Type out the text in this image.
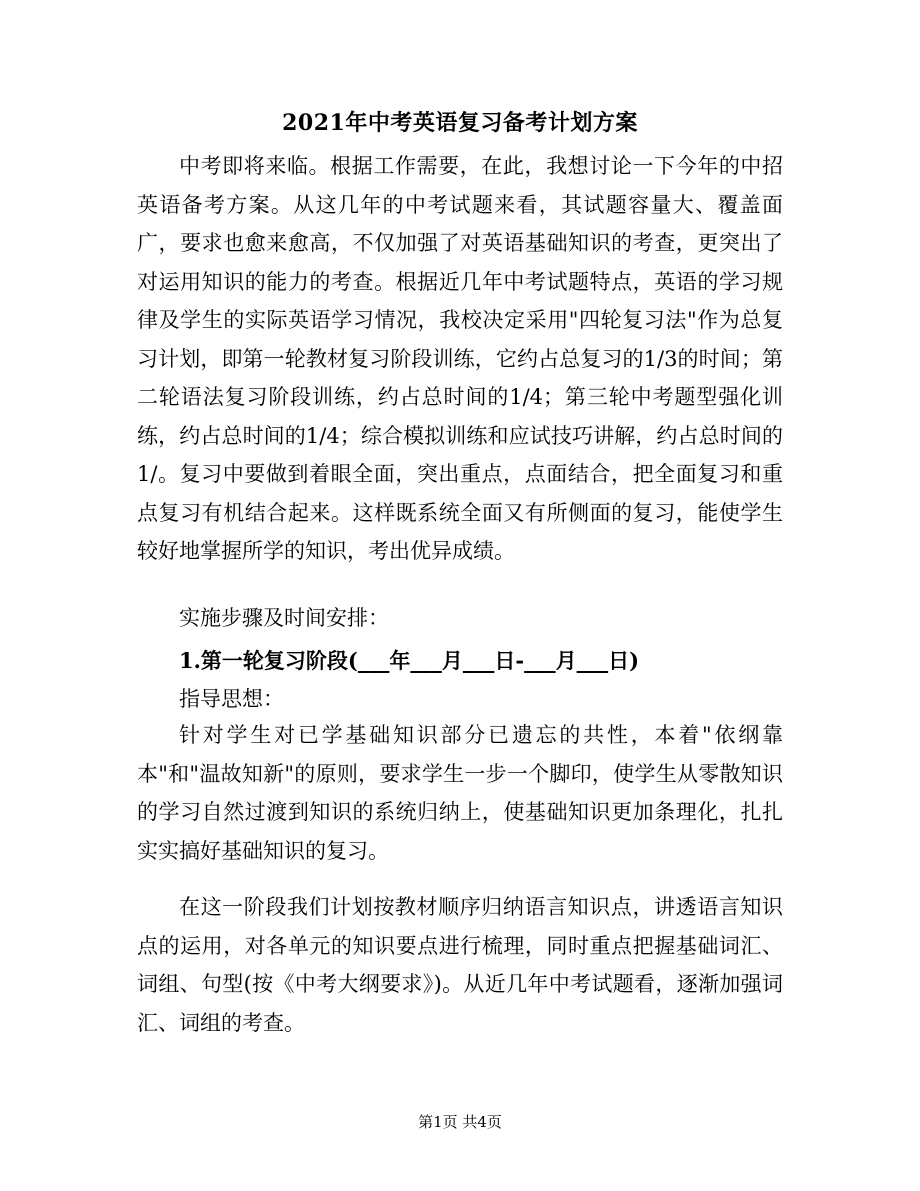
2021年中考英语复习备考计划方案

中考即将来临。根据工作需要，在此，我想讨论一下今年的中招英语备考方案。从这几年的中考试题来看，其试题容量大、覆盖面广，要求也愈来愈高，不仅加强了对英语基础知识的考查，更突出了对运用知识的能力的考查。根据近几年中考试题特点，英语的学习规律及学生的实际英语学习情况，我校决定采用"四轮复习法"作为总复习计划，即第一轮教材复习阶段训练，它约占总复习的1/3的时间；第二轮语法复习阶段训练，约占总时间的1/4；第三轮中考题型强化训练，约占总时间的1/4；综合模拟训练和应试技巧讲解，约占总时间的1/。复习中要做到着眼全面，突出重点，点面结合，把全面复习和重点复习有机结合起来。这样既系统全面又有所侧面的复习，能使学生较好地掌握所学的知识，考出优异成绩。

实施步骤及时间安排：

1.第一轮复习阶段(___年___月___日-___月___日)

指导思想：

针对学生对已学基础知识部分已遗忘的共性，本着"依纲靠本"和"温故知新"的原则，要求学生一步一个脚印，使学生从零散知识的学习自然过渡到知识的系统归纳上，使基础知识更加条理化，扎扎实实搞好基础知识的复习。

在这一阶段我们计划按教材顺序归纳语言知识点，讲透语言知识点的运用，对各单元的知识要点进行梳理，同时重点把握基础词汇、词组、句型(按《中考大纲要求》)。从近几年中考试题看，逐渐加强词汇、词组的考查。

第1页 共4页
